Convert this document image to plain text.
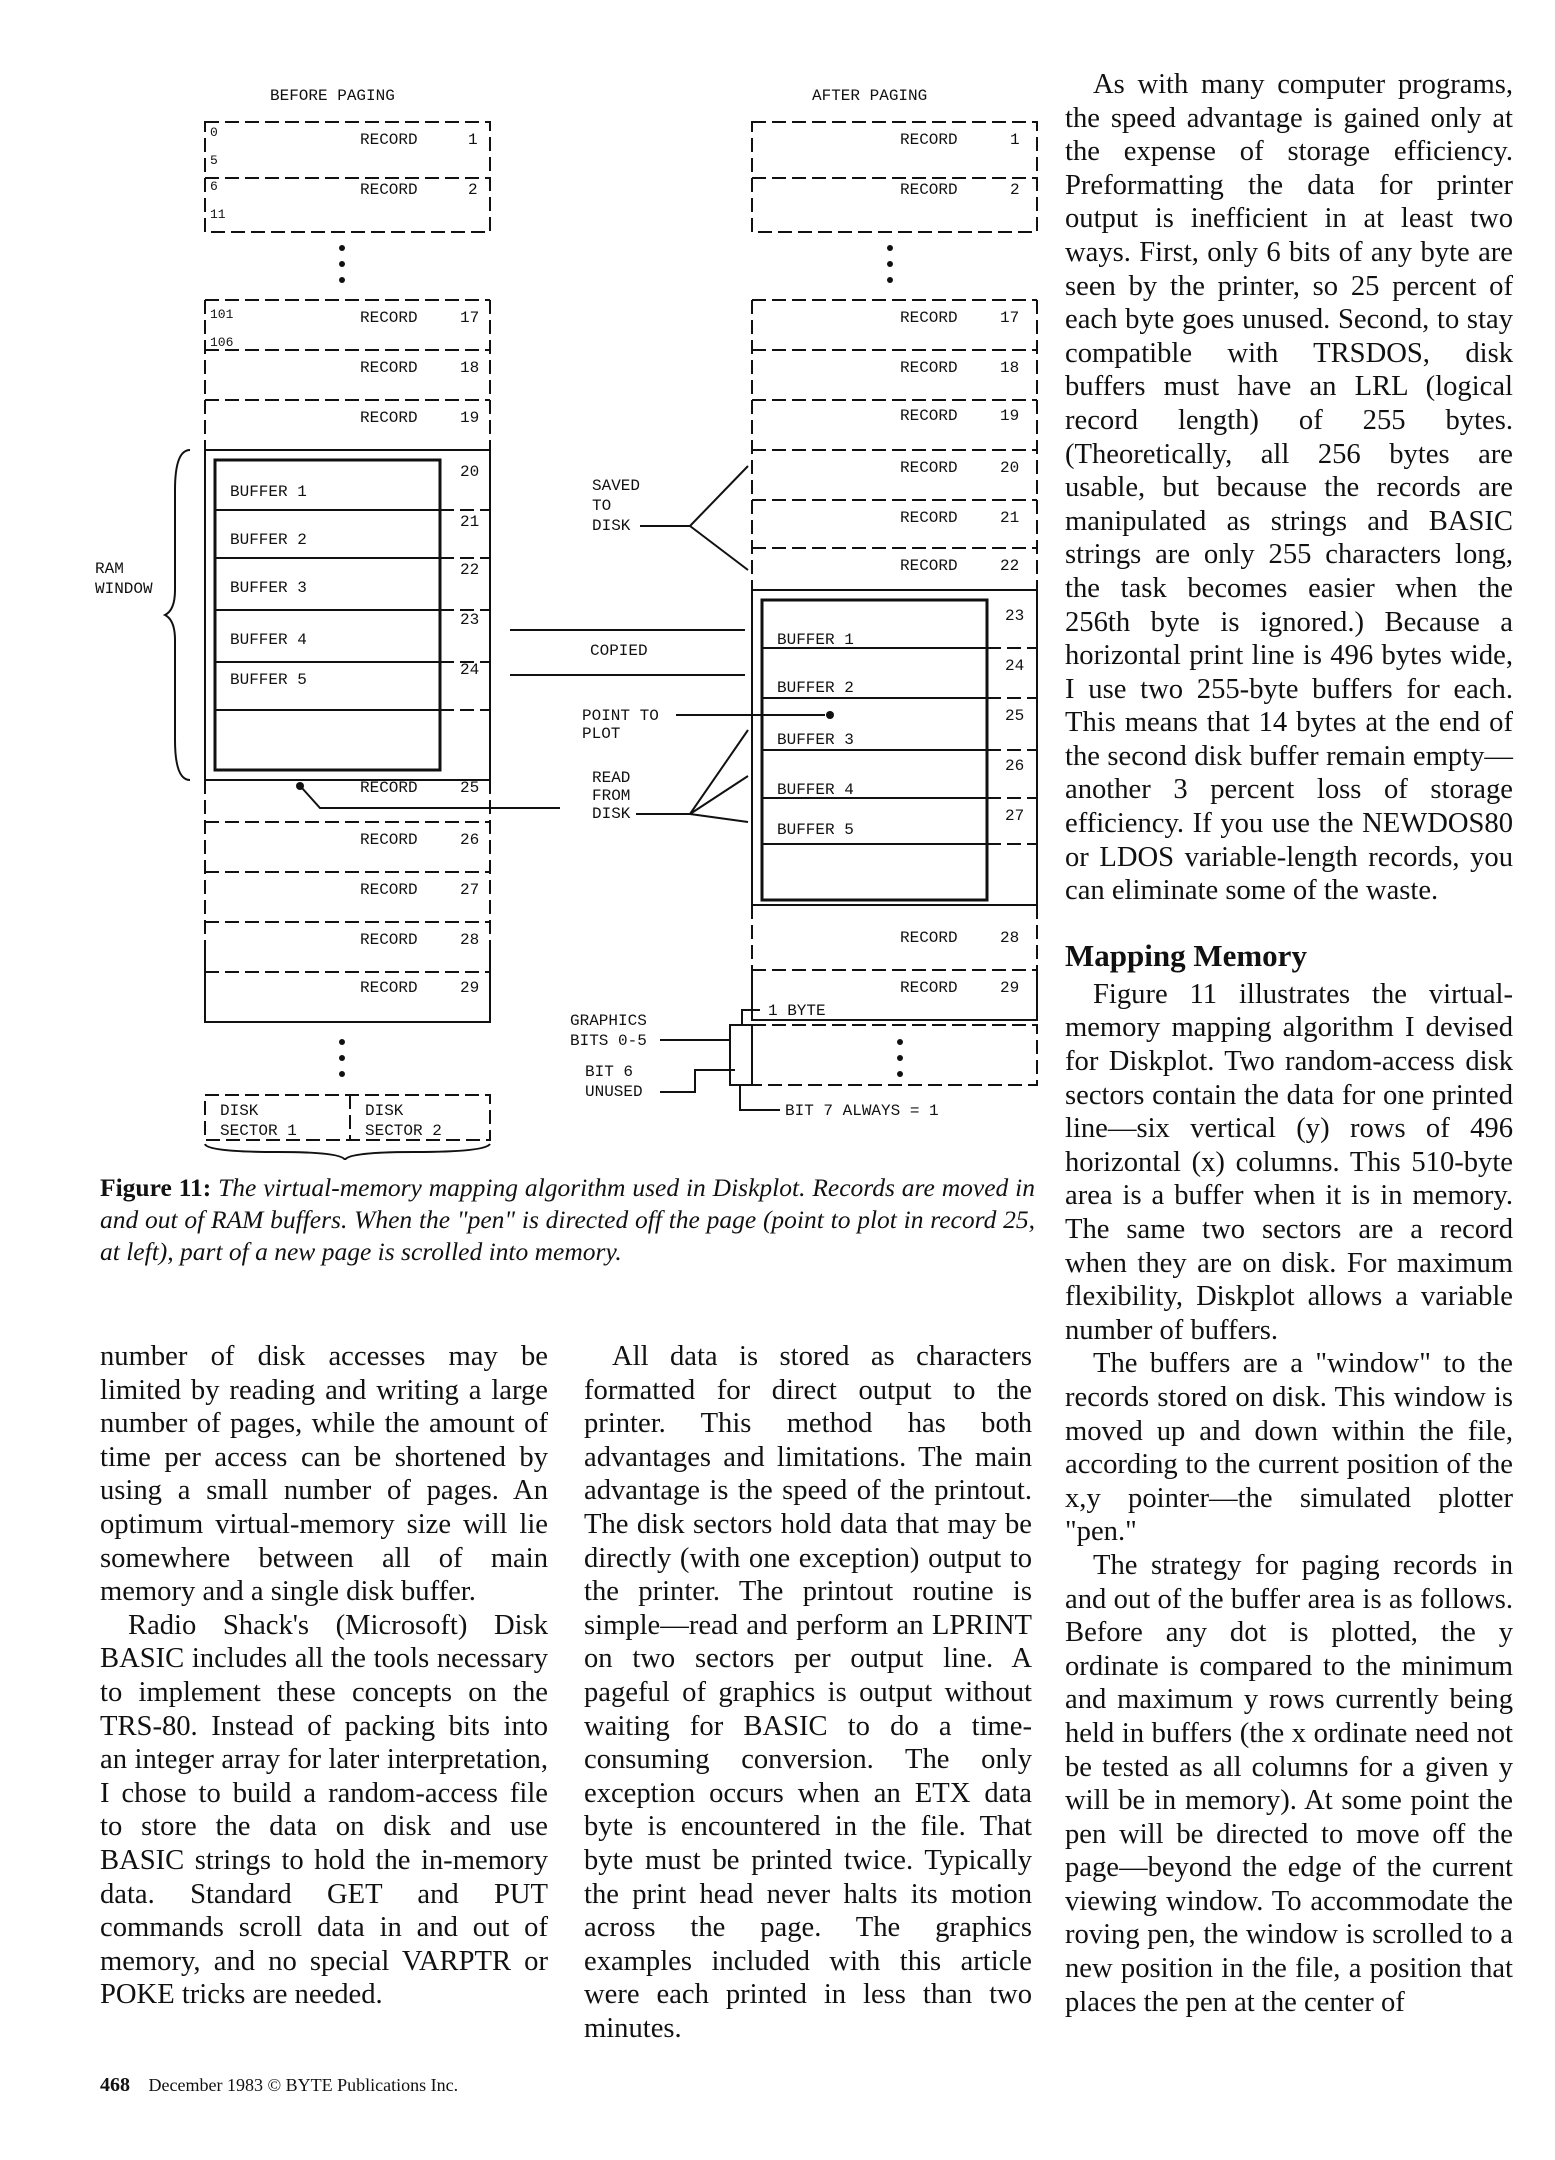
BEFORE PAGING	AFTER PAGING
RECORD	1
RECORD	2
0
5
6
11
101
106
RECORD	17
RECORD	18
RECORD	19
BUFFER 1
BUFFER 2
BUFFER 3
BUFFER 4
BUFFER 5
20
21
22
23
24
RAM
WINDOW
RECORD	25
RECORD	26
RECORD	27
RECORD	28
RECORD	29
DISK
SECTOR 1
DISK
SECTOR 2
RECORD	1
RECORD	2
RECORD	17
RECORD	18
RECORD	19
RECORD	20
RECORD	21
RECORD	22
BUFFER 1
BUFFER 2
BUFFER 3
BUFFER 4
BUFFER 5
23
24
25
26
27
RECORD	28
RECORD	29
SAVED
TO
DISK
COPIED
POINT TO
PLOT
READ
FROM
DISK
GRAPHICS
BITS 0-5
BIT 6
UNUSED
1 BYTE
BIT 7 ALWAYS = 1
Figure 11: The virtual-memory mapping algorithm used in Diskplot. Records are moved in and out of RAM buffers. When the "pen" is directed off the page (point to plot in record 25, at left), part of a new page is scrolled into memory.

number of disk accesses may be limited by reading and writing a large number of pages, while the amount of time per access can be shortened by using a small number of pages. An optimum virtual-memory size will lie somewhere between all of main memory and a single disk buffer.

Radio Shack's (Microsoft) Disk BASIC includes all the tools necessary to implement these concepts on the TRS-80. Instead of packing bits into an integer array for later interpretation, I chose to build a random-access file to store the data on disk and use BASIC strings to hold the in-memory data. Standard GET and PUT commands scroll data in and out of memory, and no special VARPTR or POKE tricks are needed.

All data is stored as characters formatted for direct output to the printer. This method has both advantages and limitations. The main advantage is the speed of the printout. The disk sectors hold data that may be directly (with one exception) output to the printer. The printout routine is simple—read and perform an LPRINT on two sectors per output line. A pageful of graphics is output without waiting for BASIC to do a time-consuming conversion. The only exception occurs when an ETX data byte is encountered in the file. That byte must be printed twice. Typically the print head never halts its motion across the page. The graphics examples included with this article were each printed in less than two minutes.

As with many computer programs, the speed advantage is gained only at the expense of storage efficiency. Preformatting the data for printer output is inefficient in at least two ways. First, only 6 bits of any byte are seen by the printer, so 25 percent of each byte goes unused. Second, to stay compatible with TRSDOS, disk buffers must have an LRL (logical record length) of 255 bytes. (Theoretically, all 256 bytes are usable, but because the records are manipulated as strings and BASIC strings are only 255 characters long, the task becomes easier when the 256th byte is ignored.) Because a horizontal print line is 496 bytes wide, I use two 255-byte buffers for each. This means that 14 bytes at the end of the second disk buffer remain empty—another 3 percent loss of storage efficiency. If you use the NEWDOS80 or LDOS variable-length records, you can eliminate some of the waste.

Mapping Memory

Figure 11 illustrates the virtual-memory mapping algorithm I devised for Diskplot. Two random-access disk sectors contain the data for one printed line—six vertical (y) rows of 496 horizontal (x) columns. This 510-byte area is a buffer when it is in memory. The same two sectors are a record when they are on disk. For maximum flexibility, Diskplot allows a variable number of buffers.

The buffers are a "window" to the records stored on disk. This window is moved up and down within the file, according to the current position of the x,y pointer—the simulated plotter "pen."

The strategy for paging records in and out of the buffer area is as follows. Before any dot is plotted, the y ordinate is compared to the minimum and maximum y rows currently being held in buffers (the x ordinate need not be tested as all columns for a given y will be in memory). At some point the pen will be directed to move off the page—beyond the edge of the current viewing window. To accommodate the roving pen, the window is scrolled to a new position in the file, a position that places the pen at the center of

468 December 1983 © BYTE Publications Inc.
